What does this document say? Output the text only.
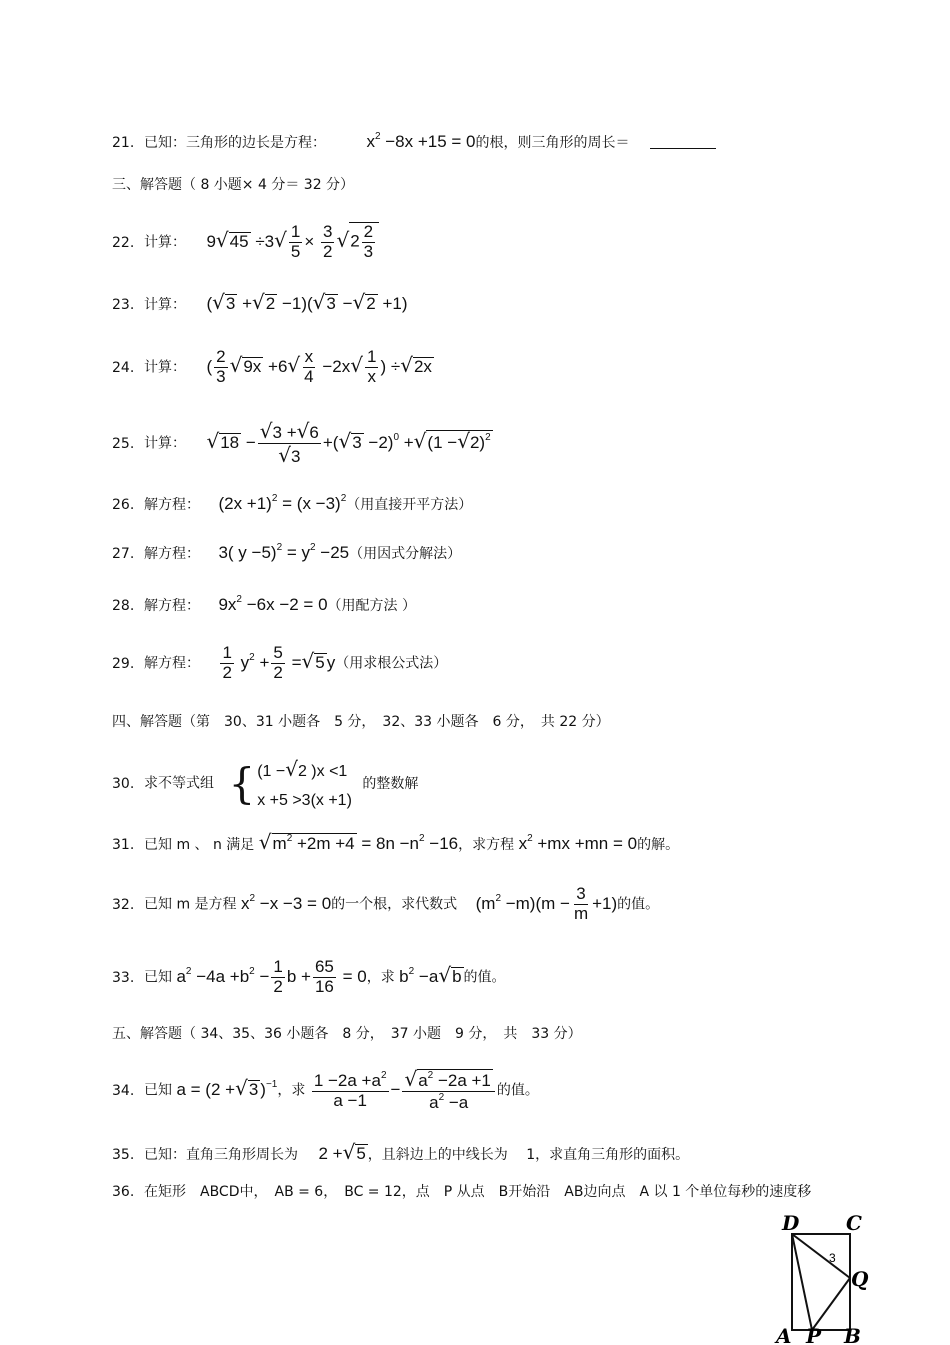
21. 已知：三角形的边长是方程： $x^2 -8x +15 = 0$的根，则三角形的周长＝
三、解答题（ 8 小题× 4 分＝ 32 分）
22. 计算： $9√45 \div 3√ \frac{1}{5} \times \frac{3}{2} √2 \frac{2}{3}$
23. 计算： (√3 +√2 −1)(√3 −√2 +1)
24. 计算： ( $\frac{2}{3} √9x +6√ \frac{x}{4} -2x√ \frac{1}{x}$ ) ÷√2x
25. 计算： $√18 - \frac{√3 +√6}{√3} +(√3 -2)^0 +√(1 -√2)^2$
26. 解方程： $(2x +1)^2 = (x -3)^2$（用直接开平方法）
27. 解方程： 3( $y -5)^2 = y^2 -25$（用因式分解法）
28. 解方程： $9x^2 -6x -2 = 0$（用配方法 ）
29. 解方程： $\frac{1}{2} y^2 + \frac{5}{2} =√5$ y（用求根公式法）
四、解答题（第　30、31 小题各　5 分，　32、33 小题各　6 分，　共 22 分）
30. 求不等式组 { (1 −√2 )x <1
x +5 >3(x +1)
的整数解
31. 已知 m 、 n 满足 $√m^2 +2m +4 = 8n -n^2 -16$，求方程 $x^2 +mx +mn = 0$的解。
32. 已知 m 是方程 $x^2 -x -3 = 0$的一个根，求代数式 $(m^2 -m)(m - \frac{3}{m} +1)$的值。
33. 已知 $a^2 -4a +b^2 - \frac{1}{2}$ $b + \frac{65}{16} = 0$，求 $b^2 -a√b$ 的值。
五、解答题（ 34、35、36 小题各　8 分，　37 小题　9 分，　共　33 分）
34. 已知 a = (2 +√3 )$^{-1}$，求 $\frac{1 -2a +a^2}{a -1} - \frac{√a^2 -2a +1}{a^2 -a}$ 的值。
35. 已知：直角三角形周长为 2 +√5 ，且斜边上的中线长为　 1，求直角三角形的面积。
36. 在矩形　ABCD中，　AB = 6，　BC = 12，点　P 从点　B开始沿　AB边向点　A 以 1 个单位每秒的速度移
D C
A P B
Q
3
